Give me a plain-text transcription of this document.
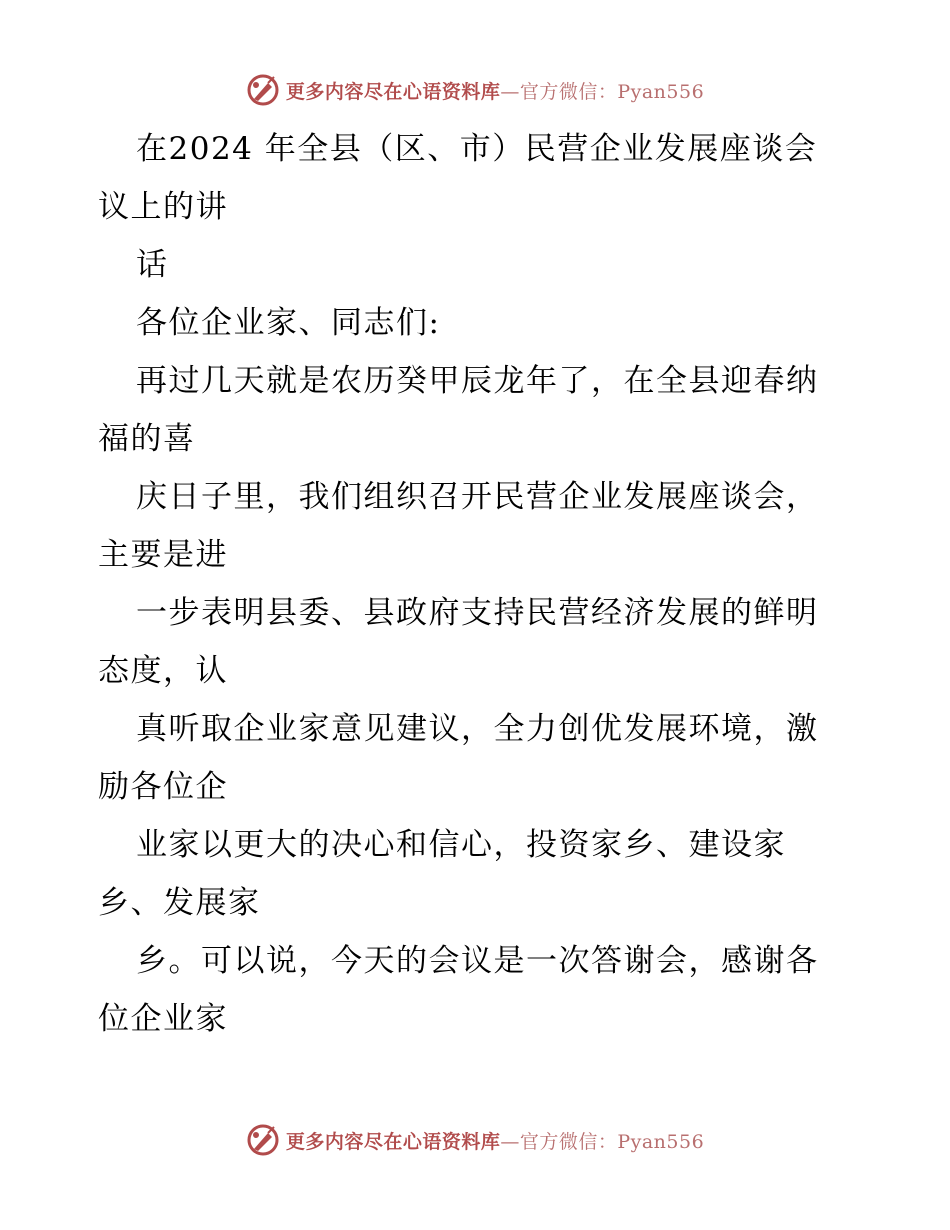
更多内容尽在心语资料库—官方微信：Pyan556
在2024 年全县（区、市）民营企业发展座谈会
议上的讲
话
各位企业家、同志们:
再过几天就是农历癸甲辰龙年了，在全县迎春纳
福的喜
庆日子里，我们组织召开民营企业发展座谈会，
主要是进
一步表明县委、县政府支持民营经济发展的鲜明
态度，认
真听取企业家意见建议，全力创优发展环境，激
励各位企
业家以更大的决心和信心，投资家乡、建设家
乡、发展家
乡。可以说，今天的会议是一次答谢会，感谢各
位企业家
更多内容尽在心语资料库—官方微信：Pyan556
